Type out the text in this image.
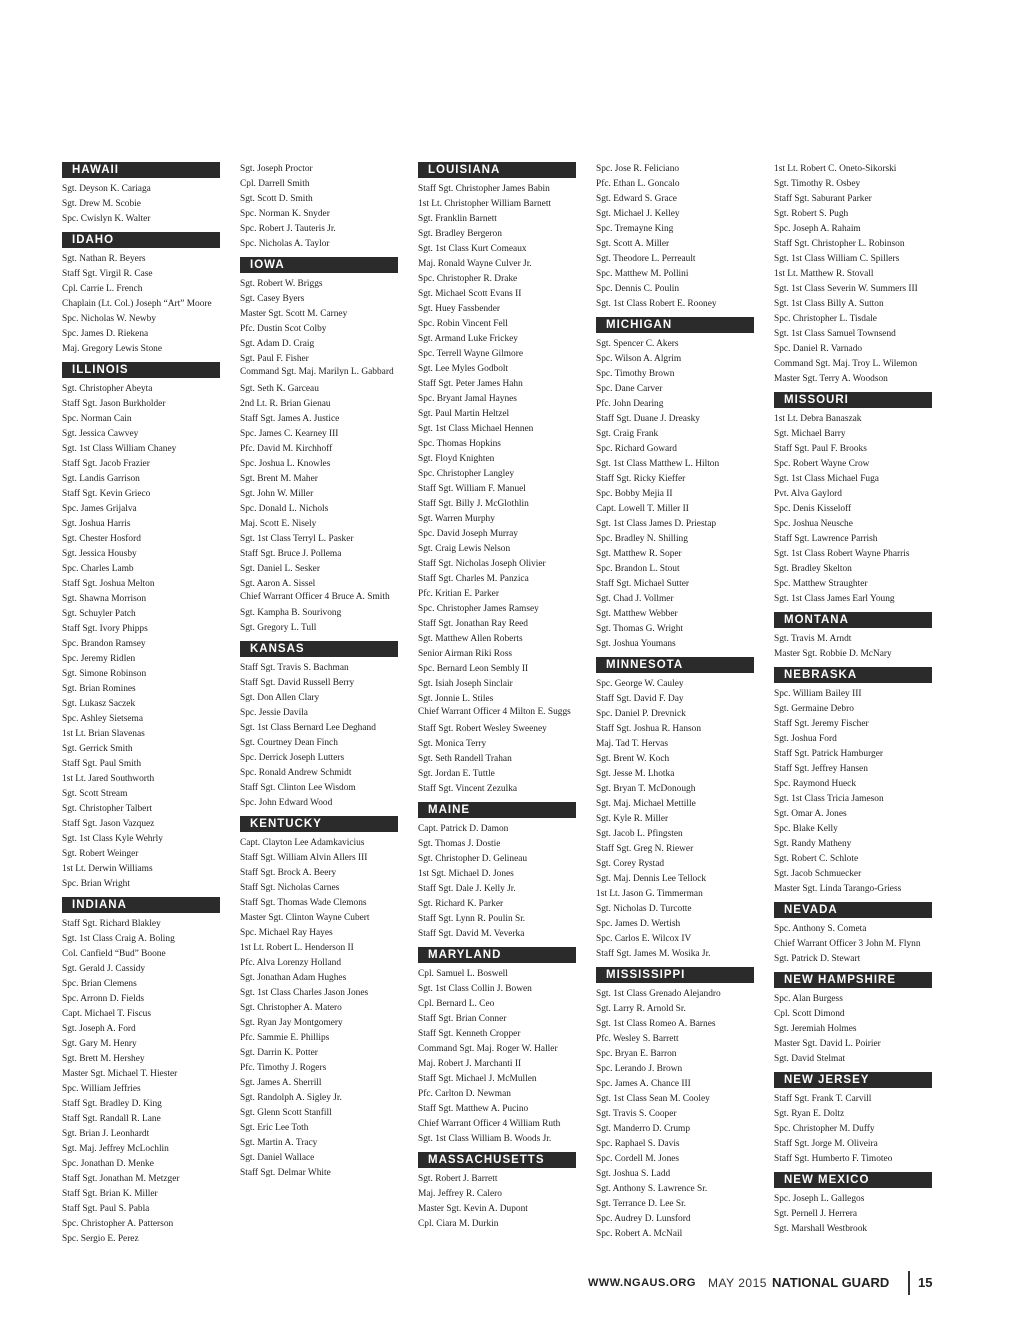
HAWAII
Sgt. Deyson K. Cariaga
Sgt. Drew M. Scobie
Spc. Cwislyn K. Walter
IDAHO
Sgt. Nathan R. Beyers
Staff Sgt. Virgil R. Case
Cpl. Carrie L. French
Chaplain (Lt. Col.) Joseph “Art” Moore
Spc. Nicholas W. Newby
Spc. James D. Riekena
Maj. Gregory Lewis Stone
ILLINOIS
Sgt. Christopher Abeyta
Staff Sgt. Jason Burkholder
Spc. Norman Cain
Sgt. Jessica Cawvey
Sgt. 1st Class William Chaney
Staff Sgt. Jacob Frazier
Sgt. Landis Garrison
Staff Sgt. Kevin Grieco
Spc. James Grijalva
Sgt. Joshua Harris
Sgt. Chester Hosford
Sgt. Jessica Housby
Spc. Charles Lamb
Staff Sgt. Joshua Melton
Sgt. Shawna Morrison
Sgt. Schuyler Patch
Staff Sgt. Ivory Phipps
Spc. Brandon Ramsey
Spc. Jeremy Ridlen
Sgt. Simone Robinson
Sgt. Brian Romines
Sgt. Lukasz Saczek
Spc. Ashley Sietsema
1st Lt. Brian Slavenas
Sgt. Gerrick Smith
Staff Sgt. Paul Smith
1st Lt. Jared Southworth
Sgt. Scott Stream
Sgt. Christopher Talbert
Staff Sgt. Jason Vazquez
Sgt. 1st Class Kyle Wehrly
Sgt. Robert Weinger
1st Lt. Derwin Williams
Spc. Brian Wright
INDIANA
Staff Sgt. Richard Blakley
Sgt. 1st Class Craig A. Boling
Col. Canfield “Bud” Boone
Sgt. Gerald J. Cassidy
Spc. Brian Clemens
Spc. Arronn D. Fields
Capt. Michael T. Fiscus
Sgt. Joseph A. Ford
Sgt. Gary M. Henry
Sgt. Brett M. Hershey
Master Sgt. Michael T. Hiester
Spc. William Jeffries
Staff Sgt. Bradley D. King
Staff Sgt. Randall R. Lane
Sgt. Brian J. Leonhardt
Sgt. Maj. Jeffrey McLochlin
Spc. Jonathan D. Menke
Staff Sgt. Jonathan M. Metzger
Staff Sgt. Brian K. Miller
Staff Sgt. Paul S. Pabla
Spc. Christopher A. Patterson
Spc. Sergio E. Perez
Sgt. Joseph Proctor
Cpl. Darrell Smith
Sgt. Scott D. Smith
Spc. Norman K. Snyder
Spc. Robert J. Tauteris Jr.
Spc. Nicholas A. Taylor
IOWA
Sgt. Robert W. Briggs
Sgt. Casey Byers
Master Sgt. Scott M. Carney
Pfc. Dustin Scot Colby
Sgt. Adam D. Craig
Sgt. Paul F. Fisher
Command Sgt. Maj. Marilyn L. Gabbard
Sgt. Seth K. Garceau
2nd Lt. R. Brian Gienau
Staff Sgt. James A. Justice
Spc. James C. Kearney III
Pfc. David M. Kirchhoff
Spc. Joshua L. Knowles
Sgt. Brent M. Maher
Sgt. John W. Miller
Spc. Donald L. Nichols
Maj. Scott E. Nisely
Sgt. 1st Class Terryl L. Pasker
Staff Sgt. Bruce J. Pollema
Sgt. Daniel L. Sesker
Sgt. Aaron A. Sissel
Chief Warrant Officer 4 Bruce A. Smith
Sgt. Kampha B. Sourivong
Sgt. Gregory L. Tull
KANSAS
Staff Sgt. Travis S. Bachman
Staff Sgt. David Russell Berry
Sgt. Don Allen Clary
Spc. Jessie Davila
Sgt. 1st Class Bernard Lee Deghand
Sgt. Courtney Dean Finch
Spc. Derrick Joseph Lutters
Spc. Ronald Andrew Schmidt
Staff Sgt. Clinton Lee Wisdom
Spc. John Edward Wood
KENTUCKY
Capt. Clayton Lee Adamkavicius
Staff Sgt. William Alvin Allers III
Staff Sgt. Brock A. Beery
Staff Sgt. Nicholas Carnes
Staff Sgt. Thomas Wade Clemons
Master Sgt. Clinton Wayne Cubert
Spc. Michael Ray Hayes
1st Lt. Robert L. Henderson II
Pfc. Alva Lorenzy Holland
Sgt. Jonathan Adam Hughes
Sgt. 1st Class Charles Jason Jones
Sgt. Christopher A. Matero
Sgt. Ryan Jay Montgomery
Pfc. Sammie E. Phillips
Sgt. Darrin K. Potter
Pfc. Timothy J. Rogers
Sgt. James A. Sherrill
Sgt. Randolph A. Sigley Jr.
Sgt. Glenn Scott Stanfill
Sgt. Eric Lee Toth
Sgt. Martin A. Tracy
Sgt. Daniel Wallace
Staff Sgt. Delmar White
LOUISIANA
Staff Sgt. Christopher James Babin
1st Lt. Christopher William Barnett
Sgt. Franklin Barnett
Sgt. Bradley Bergeron
Sgt. 1st Class Kurt Comeaux
Maj. Ronald Wayne Culver Jr.
Spc. Christopher R. Drake
Sgt. Michael Scott Evans II
Sgt. Huey Fassbender
Spc. Robin Vincent Fell
Sgt. Armand Luke Frickey
Spc. Terrell Wayne Gilmore
Sgt. Lee Myles Godbolt
Staff Sgt. Peter James Hahn
Spc. Bryant Jamal Haynes
Sgt. Paul Martin Heltzel
Sgt. 1st Class Michael Hennen
Spc. Thomas Hopkins
Sgt. Floyd Knighten
Spc. Christopher Langley
Staff Sgt. William F. Manuel
Staff Sgt. Billy J. McGlothlin
Sgt. Warren Murphy
Spc. David Joseph Murray
Sgt. Craig Lewis Nelson
Staff Sgt. Nicholas Joseph Olivier
Staff Sgt. Charles M. Panzica
Pfc. Kritian E. Parker
Spc. Christopher James Ramsey
Staff Sgt. Jonathan Ray Reed
Sgt. Matthew Allen Roberts
Senior Airman Riki Ross
Spc. Bernard Leon Sembly II
Sgt. Isiah Joseph Sinclair
Sgt. Jonnie L. Stiles
Chief Warrant Officer 4 Milton E. Suggs
Staff Sgt. Robert Wesley Sweeney
Sgt. Monica Terry
Sgt. Seth Randell Trahan
Sgt. Jordan E. Tuttle
Staff Sgt. Vincent Zezulka
MAINE
Capt. Patrick D. Damon
Sgt. Thomas J. Dostie
Sgt. Christopher D. Gelineau
1st Sgt. Michael D. Jones
Staff Sgt. Dale J. Kelly Jr.
Sgt. Richard K. Parker
Staff Sgt. Lynn R. Poulin Sr.
Staff Sgt. David M. Veverka
MARYLAND
Cpl. Samuel L. Boswell
Sgt. 1st Class Collin J. Bowen
Cpl. Bernard L. Ceo
Staff Sgt. Brian Conner
Staff Sgt. Kenneth Cropper
Command Sgt. Maj. Roger W. Haller
Maj. Robert J. Marchanti II
Staff Sgt. Michael J. McMullen
Pfc. Carlton D. Newman
Staff Sgt. Matthew A. Pucino
Chief Warrant Officer 4 William Ruth
Sgt. 1st Class William B. Woods Jr.
MASSACHUSETTS
Sgt. Robert J. Barrett
Maj. Jeffrey R. Calero
Master Sgt. Kevin A. Dupont
Cpl. Ciara M. Durkin
Spc. Jose R. Feliciano
Pfc. Ethan L. Goncalo
Sgt. Edward S. Grace
Sgt. Michael J. Kelley
Spc. Tremayne King
Sgt. Scott A. Miller
Sgt. Theodore L. Perreault
Spc. Matthew M. Pollini
Spc. Dennis C. Poulin
Sgt. 1st Class Robert E. Rooney
MICHIGAN
Sgt. Spencer C. Akers
Spc. Wilson A. Algrim
Spc. Timothy Brown
Spc. Dane Carver
Pfc. John Dearing
Staff Sgt. Duane J. Dreasky
Sgt. Craig Frank
Spc. Richard Goward
Sgt. 1st Class Matthew L. Hilton
Staff Sgt. Ricky Kieffer
Spc. Bobby Mejia II
Capt. Lowell T. Miller II
Sgt. 1st Class James D. Priestap
Spc. Bradley N. Shilling
Sgt. Matthew R. Soper
Spc. Brandon L. Stout
Staff Sgt. Michael Sutter
Sgt. Chad J. Vollmer
Sgt. Matthew Webber
Sgt. Thomas G. Wright
Sgt. Joshua Youmans
MINNESOTA
Spc. George W. Cauley
Staff Sgt. David F. Day
Spc. Daniel P. Drevnick
Staff Sgt. Joshua R. Hanson
Maj. Tad T. Hervas
Sgt. Brent W. Koch
Sgt. Jesse M. Lhotka
Sgt. Bryan T. McDonough
Sgt. Maj. Michael Mettille
Sgt. Kyle R. Miller
Sgt. Jacob L. Pfingsten
Staff Sgt. Greg N. Riewer
Sgt. Corey Rystad
Sgt. Maj. Dennis Lee Tellock
1st Lt. Jason G. Timmerman
Sgt. Nicholas D. Turcotte
Spc. James D. Wertish
Spc. Carlos E. Wilcox IV
Staff Sgt. James M. Wosika Jr.
MISSISSIPPI
Sgt. 1st Class Grenado Alejandro
Sgt. Larry R. Arnold Sr.
Sgt. 1st Class Romeo A. Barnes
Pfc. Wesley S. Barrett
Spc. Bryan E. Barron
Spc. Lerando J. Brown
Spc. James A. Chance III
Sgt. 1st Class Sean M. Cooley
Sgt. Travis S. Cooper
Sgt. Manderro D. Crump
Spc. Raphael S. Davis
Spc. Cordell M. Jones
Sgt. Joshua S. Ladd
Sgt. Anthony S. Lawrence Sr.
Sgt. Terrance D. Lee Sr.
Spc. Audrey D. Lunsford
Spc. Robert A. McNail
1st Lt. Robert C. Oneto-Sikorski
Sgt. Timothy R. Osbey
Staff Sgt. Saburant Parker
Sgt. Robert S. Pugh
Spc. Joseph A. Rahaim
Staff Sgt. Christopher L. Robinson
Sgt. 1st Class William C. Spillers
1st Lt. Matthew R. Stovall
Sgt. 1st Class Severin W. Summers III
Sgt. 1st Class Billy A. Sutton
Spc. Christopher L. Tisdale
Sgt. 1st Class Samuel Townsend
Spc. Daniel R. Varnado
Command Sgt. Maj. Troy L. Wilemon
Master Sgt. Terry A. Woodson
MISSOURI
1st Lt. Debra Banaszak
Sgt. Michael Barry
Staff Sgt. Paul F. Brooks
Spc. Robert Wayne Crow
Sgt. 1st Class Michael Fuga
Pvt. Alva Gaylord
Spc. Denis Kisseloff
Spc. Joshua Neusche
Staff Sgt. Lawrence Parrish
Sgt. 1st Class Robert Wayne Pharris
Sgt. Bradley Skelton
Spc. Matthew Straughter
Sgt. 1st Class James Earl Young
MONTANA
Sgt. Travis M. Arndt
Master Sgt. Robbie D. McNary
NEBRASKA
Spc. William Bailey III
Sgt. Germaine Debro
Staff Sgt. Jeremy Fischer
Sgt. Joshua Ford
Staff Sgt. Patrick Hamburger
Staff Sgt. Jeffrey Hansen
Spc. Raymond Hueck
Sgt. 1st Class Tricia Jameson
Sgt. Omar A. Jones
Spc. Blake Kelly
Sgt. Randy Matheny
Sgt. Robert C. Schlote
Sgt. Jacob Schmuecker
Master Sgt. Linda Tarango-Griess
NEVADA
Spc. Anthony S. Cometa
Chief Warrant Officer 3 John M. Flynn
Sgt. Patrick D. Stewart
NEW HAMPSHIRE
Spc. Alan Burgess
Cpl. Scott Dimond
Sgt. Jeremiah Holmes
Master Sgt. David L. Poirier
Sgt. David Stelmat
NEW JERSEY
Staff Sgt. Frank T. Carvill
Sgt. Ryan E. Doltz
Spc. Christopher M. Duffy
Staff Sgt. Jorge M. Oliveira
Staff Sgt. Humberto F. Timoteo
NEW MEXICO
Spc. Joseph L. Gallegos
Sgt. Pernell J. Herrera
Sgt. Marshall Westbrook
WWW.NGAUS.ORG MAY 2015 NATIONAL GUARD 15
